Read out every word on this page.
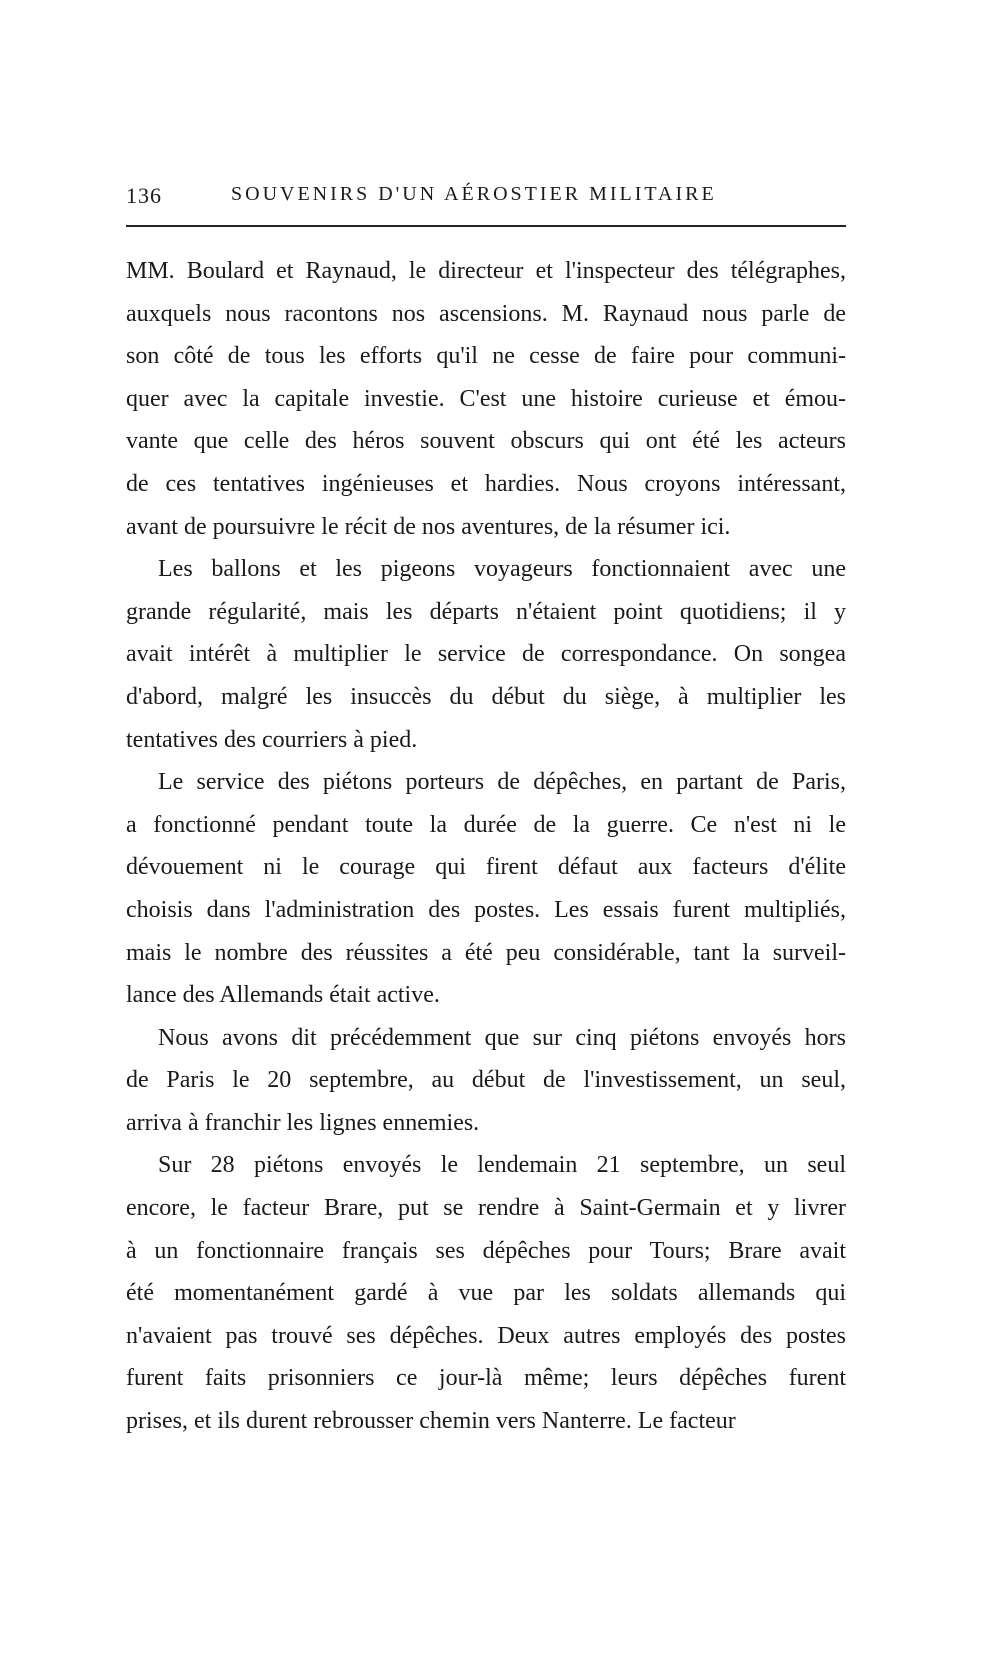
136	SOUVENIRS D'UN AÉROSTIER MILITAIRE
MM. Boulard et Raynaud, le directeur et l'inspecteur des télégraphes,
auxquels nous racontons nos ascensions. M. Raynaud nous parle de
son côté de tous les efforts qu'il ne cesse de faire pour communi-
quer avec la capitale investie. C'est une histoire curieuse et émou-
vante que celle des héros souvent obscurs qui ont été les acteurs
de ces tentatives ingénieuses et hardies. Nous croyons intéressant,
avant de poursuivre le récit de nos aventures, de la résumer ici.
Les ballons et les pigeons voyageurs fonctionnaient avec une
grande régularité, mais les départs n'étaient point quotidiens; il y
avait intérêt à multiplier le service de correspondance. On songea
d'abord, malgré les insuccès du début du siège, à multiplier les
tentatives des courriers à pied.
Le service des piétons porteurs de dépêches, en partant de Paris,
a fonctionné pendant toute la durée de la guerre. Ce n'est ni le
dévouement ni le courage qui firent défaut aux facteurs d'élite
choisis dans l'administration des postes. Les essais furent multipliés,
mais le nombre des réussites a été peu considérable, tant la surveil-
lance des Allemands était active.
Nous avons dit précédemment que sur cinq piétons envoyés hors
de Paris le 20 septembre, au début de l'investissement, un seul,
arriva à franchir les lignes ennemies.
Sur 28 piétons envoyés le lendemain 21 septembre, un seul
encore, le facteur Brare, put se rendre à Saint-Germain et y livrer
à un fonctionnaire français ses dépêches pour Tours; Brare avait
été momentanément gardé à vue par les soldats allemands qui
n'avaient pas trouvé ses dépêches. Deux autres employés des postes
furent faits prisonniers ce jour-là même; leurs dépêches furent
prises, et ils durent rebrousser chemin vers Nanterre. Le facteur
